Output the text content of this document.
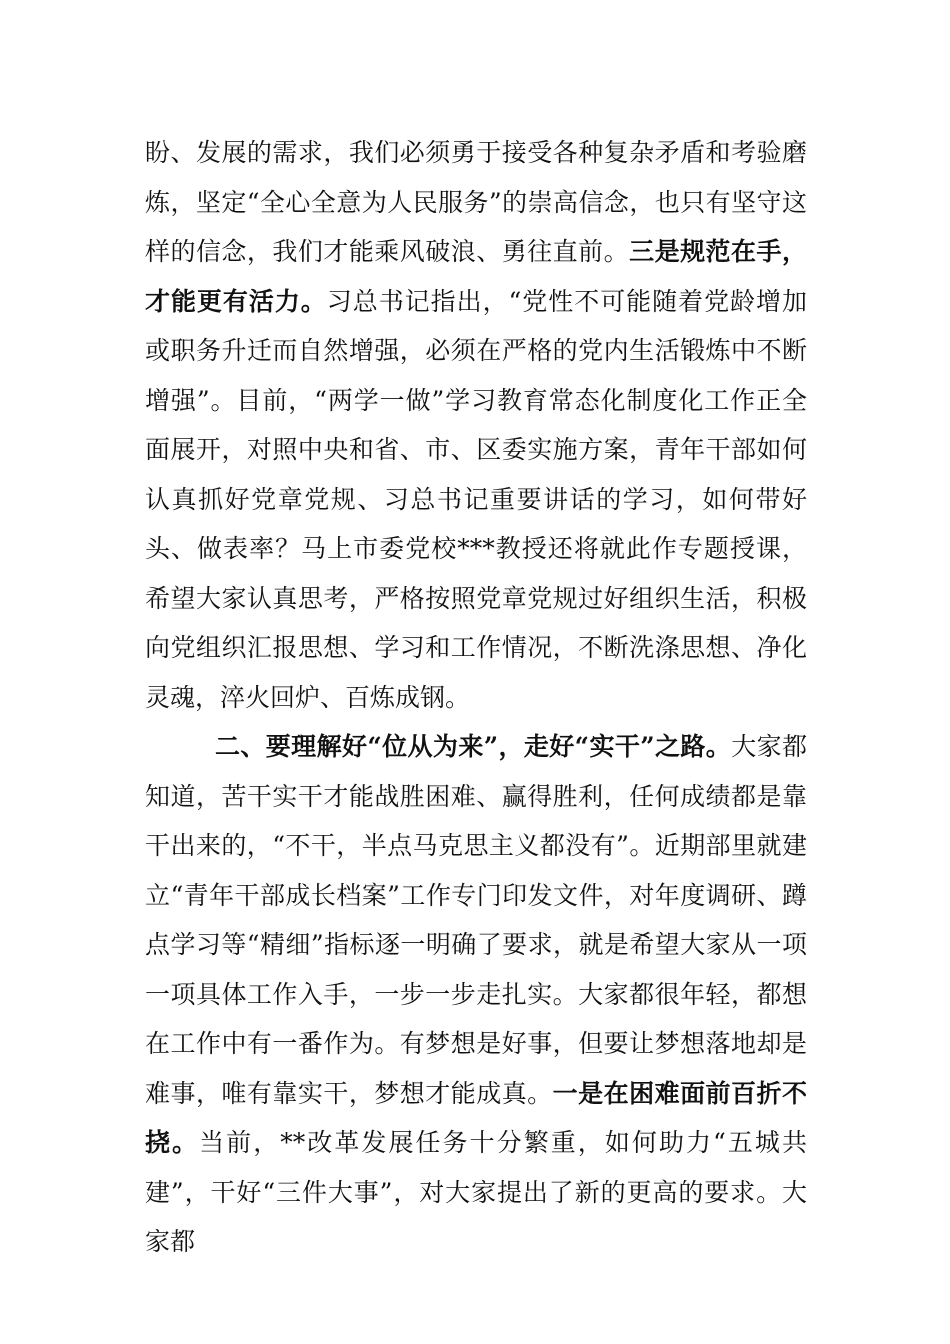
盼、发展的需求，我们必须勇于接受各种复杂矛盾和考验磨炼，坚定“全心全意为人民服务”的崇高信念，也只有坚守这样的信念，我们才能乘风破浪、勇往直前。三是规范在手，才能更有活力。习总书记指出，“党性不可能随着党龄增加或职务升迁而自然增强，必须在严格的党内生活锻炼中不断增强”。目前，“两学一做”学习教育常态化制度化工作正全面展开，对照中央和省、市、区委实施方案，青年干部如何认真抓好党章党规、习总书记重要讲话的学习，如何带好头、做表率？马上市委党校***教授还将就此作专题授课，希望大家认真思考，严格按照党章党规过好组织生活，积极向党组织汇报思想、学习和工作情况，不断洗涤思想、净化灵魂，淬火回炉、百炼成钢。

二、要理解好“位从为来”，走好“实干”之路。大家都知道，苦干实干才能战胜困难、赢得胜利，任何成绩都是靠干出来的，“不干，半点马克思主义都没有”。近期部里就建立“青年干部成长档案”工作专门印发文件，对年度调研、蹲点学习等“精细”指标逐一明确了要求，就是希望大家从一项一项具体工作入手，一步一步走扎实。大家都很年轻，都想在工作中有一番作为。有梦想是好事，但要让梦想落地却是难事，唯有靠实干，梦想才能成真。一是在困难面前百折不挠。当前，**改革发展任务十分繁重，如何助力“五城共建”，干好“三件大事”，对大家提出了新的更高的要求。大家都
